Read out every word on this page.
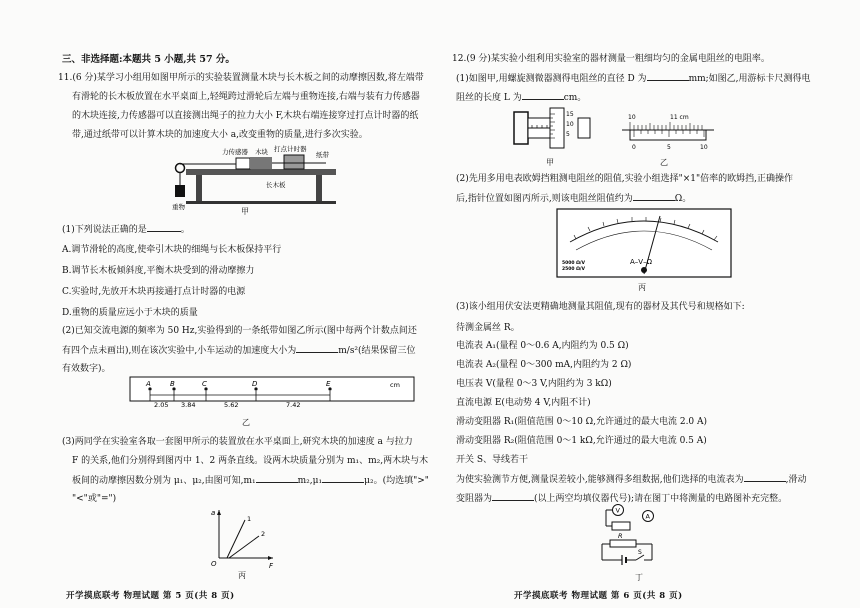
三、非选择题:本题共 5 小题,共 57 分。
11.(6 分)某学习小组用如图甲所示的实验装置测量木块与长木板之间的动摩擦因数,将左端带
有滑轮的长木板放置在水平桌面上,轻绳跨过滑轮后左端与重物连接,右端与装有力传感器
的木块连接,力传感器可以直接测出绳子的拉力大小 F,木块右端连接穿过打点计时器的纸
带,通过纸带可以计算木块的加速度大小 a,改变重物的质量,进行多次实验。
力传感器 木块 打点计时器
纸带
长木板
重物	甲
(1)下列说法正确的是	。
A.调节滑轮的高度,使牵引木块的细绳与长木板保持平行
B.调节长木板倾斜度,平衡木块受到的滑动摩擦力
C.实验时,先放开木块再接通打点计时器的电源
D.重物的质量应远小于木块的质量
(2)已知交流电源的频率为 50 Hz,实验得到的一条纸带如图乙所示(图中每两个计数点间还
有四个点未画出),则在该次实验中,小车运动的加速度大小为	m/s²(结果保留三位
有效数字)。
A	B	C	D	E
2.05 3.84	5.62	7.42
cm
乙
(3)两同学在实验室各取一套图甲所示的装置放在水平桌面上,研究木块的加速度 a 与拉力
F 的关系,他们分别得到图丙中 1、2 两条直线。设两木块质量分别为 m₁、m₂,两木块与木
板间的动摩擦因数分别为 μ₁、μ₂,由图可知,m₁	m₂,μ₁	μ₂。(均选填">"
"<"或"=")
a
F
O
1
2
丙
开学摸底联考 物理试题 第 5 页(共 8 页)
12.(9 分)某实验小组利用实验室的器材测量一粗细均匀的金属电阻丝的电阻率。
(1)如图甲,用螺旋测微器测得电阻丝的直径 D 为	mm;如图乙,用游标卡尺测得电
阻丝的长度 L 为	cm。
15
10
5
甲
10	11 cm
0	5	10
乙
(2)先用多用电表欧姆挡粗测电阻丝的阻值,实验小组选择"×1"倍率的欧姆挡,正确操作
后,指针位置如图丙所示,则该电阻丝阻值约为	Ω。
A–V–Ω
5000 Ω/V
2500 Ω/V
丙
(3)该小组用伏安法更精确地测量其阻值,现有的器材及其代号和规格如下:
待测金属丝 R。
电流表 A₁(量程 0～0.6 A,内阻约为 0.5 Ω)
电流表 A₂(量程 0～300 mA,内阻约为 2 Ω)
电压表 V(量程 0～3 V,内阻约为 3 kΩ)
直流电源 E(电动势 4 V,内阻不计)
滑动变阻器 R₁(阻值范围 0～10 Ω,允许通过的最大电流 2.0 A)
滑动变阻器 R₂(阻值范围 0～1 kΩ,允许通过的最大电流 0.5 A)
开关 S、导线若干
为使实验测节方便,测量误差较小,能够测得多组数据,他们选择的电流表为	,滑动
变阻器为	(以上两空均填仪器代号);请在图丁中将测量的电路图补充完整。
V
A
R
S
丁
开学摸底联考 物理试题 第 6 页(共 8 页)
